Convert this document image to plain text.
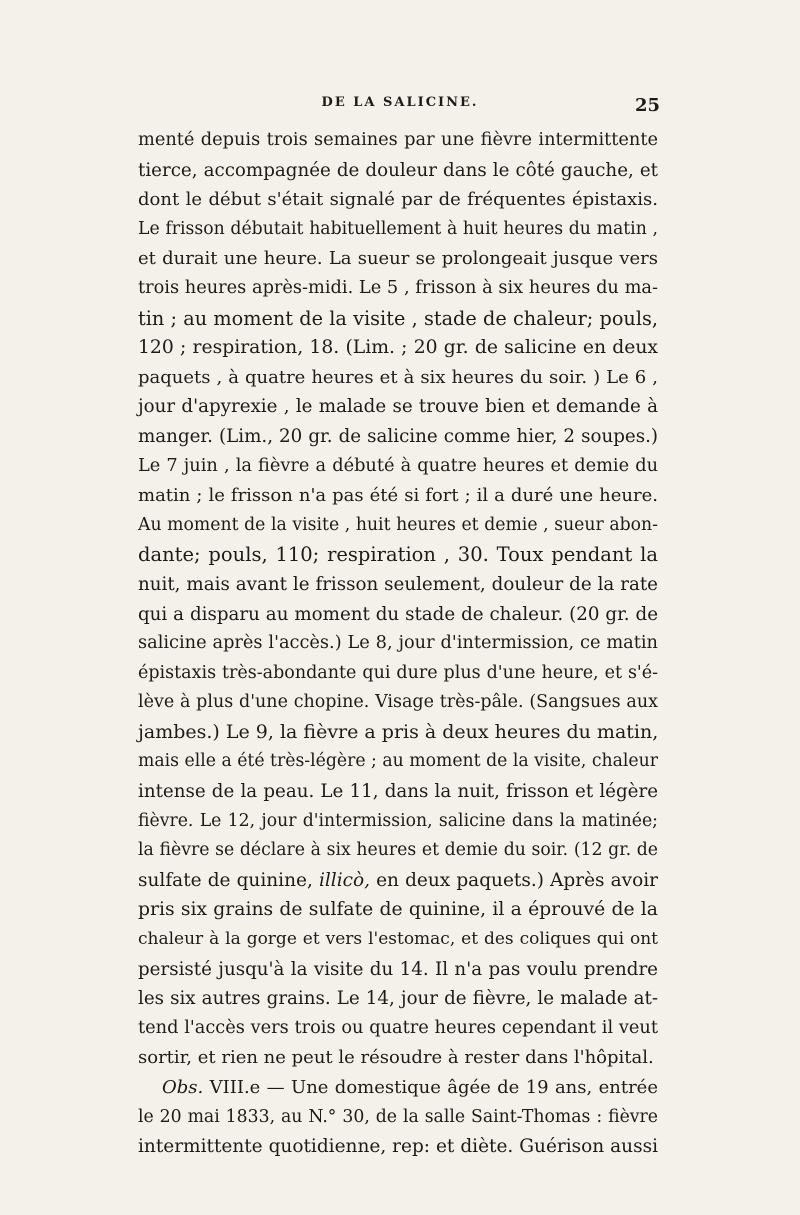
DE LA SALICINE.	25
menté depuis trois semaines par une fièvre intermittente
tierce, accompagnée de douleur dans le côté gauche, et
dont le début s'était signalé par de fréquentes épistaxis.
Le frisson débutait habituellement à huit heures du matin ,
et durait une heure. La sueur se prolongeait jusque vers
trois heures après-midi. Le 5 , frisson à six heures du ma-
tin ; au moment de la visite , stade de chaleur; pouls,
120 ; respiration, 18. (Lim. ; 20 gr. de salicine en deux
paquets , à quatre heures et à six heures du soir. ) Le 6 ,
jour d'apyrexie , le malade se trouve bien et demande à
manger. (Lim., 20 gr. de salicine comme hier, 2 soupes.)
Le 7 juin , la fièvre a débuté à quatre heures et demie du
matin ; le frisson n'a pas été si fort ; il a duré une heure.
Au moment de la visite , huit heures et demie , sueur abon-
dante; pouls, 110; respiration , 30. Toux pendant la
nuit, mais avant le frisson seulement, douleur de la rate
qui a disparu au moment du stade de chaleur. (20 gr. de
salicine après l'accès.) Le 8, jour d'intermission, ce matin
épistaxis très-abondante qui dure plus d'une heure, et s'é-
lève à plus d'une chopine. Visage très-pâle. (Sangsues aux
jambes.) Le 9, la fièvre a pris à deux heures du matin,
mais elle a été très-légère ; au moment de la visite, chaleur
intense de la peau. Le 11, dans la nuit, frisson et légère
fièvre. Le 12, jour d'intermission, salicine dans la matinée;
la fièvre se déclare à six heures et demie du soir. (12 gr. de
sulfate de quinine, illicò, en deux paquets.) Après avoir
pris six grains de sulfate de quinine, il a éprouvé de la
chaleur à la gorge et vers l'estomac, et des coliques qui ont
persisté jusqu'à la visite du 14. Il n'a pas voulu prendre
les six autres grains. Le 14, jour de fièvre, le malade at-
tend l'accès vers trois ou quatre heures cependant il veut
sortir, et rien ne peut le résoudre à rester dans l'hôpital.
Obs. VIII.e — Une domestique âgée de 19 ans, entrée
le 20 mai 1833, au N.° 30, de la salle Saint-Thomas : fièvre
intermittente quotidienne, rep: et diète. Guérison aussi
